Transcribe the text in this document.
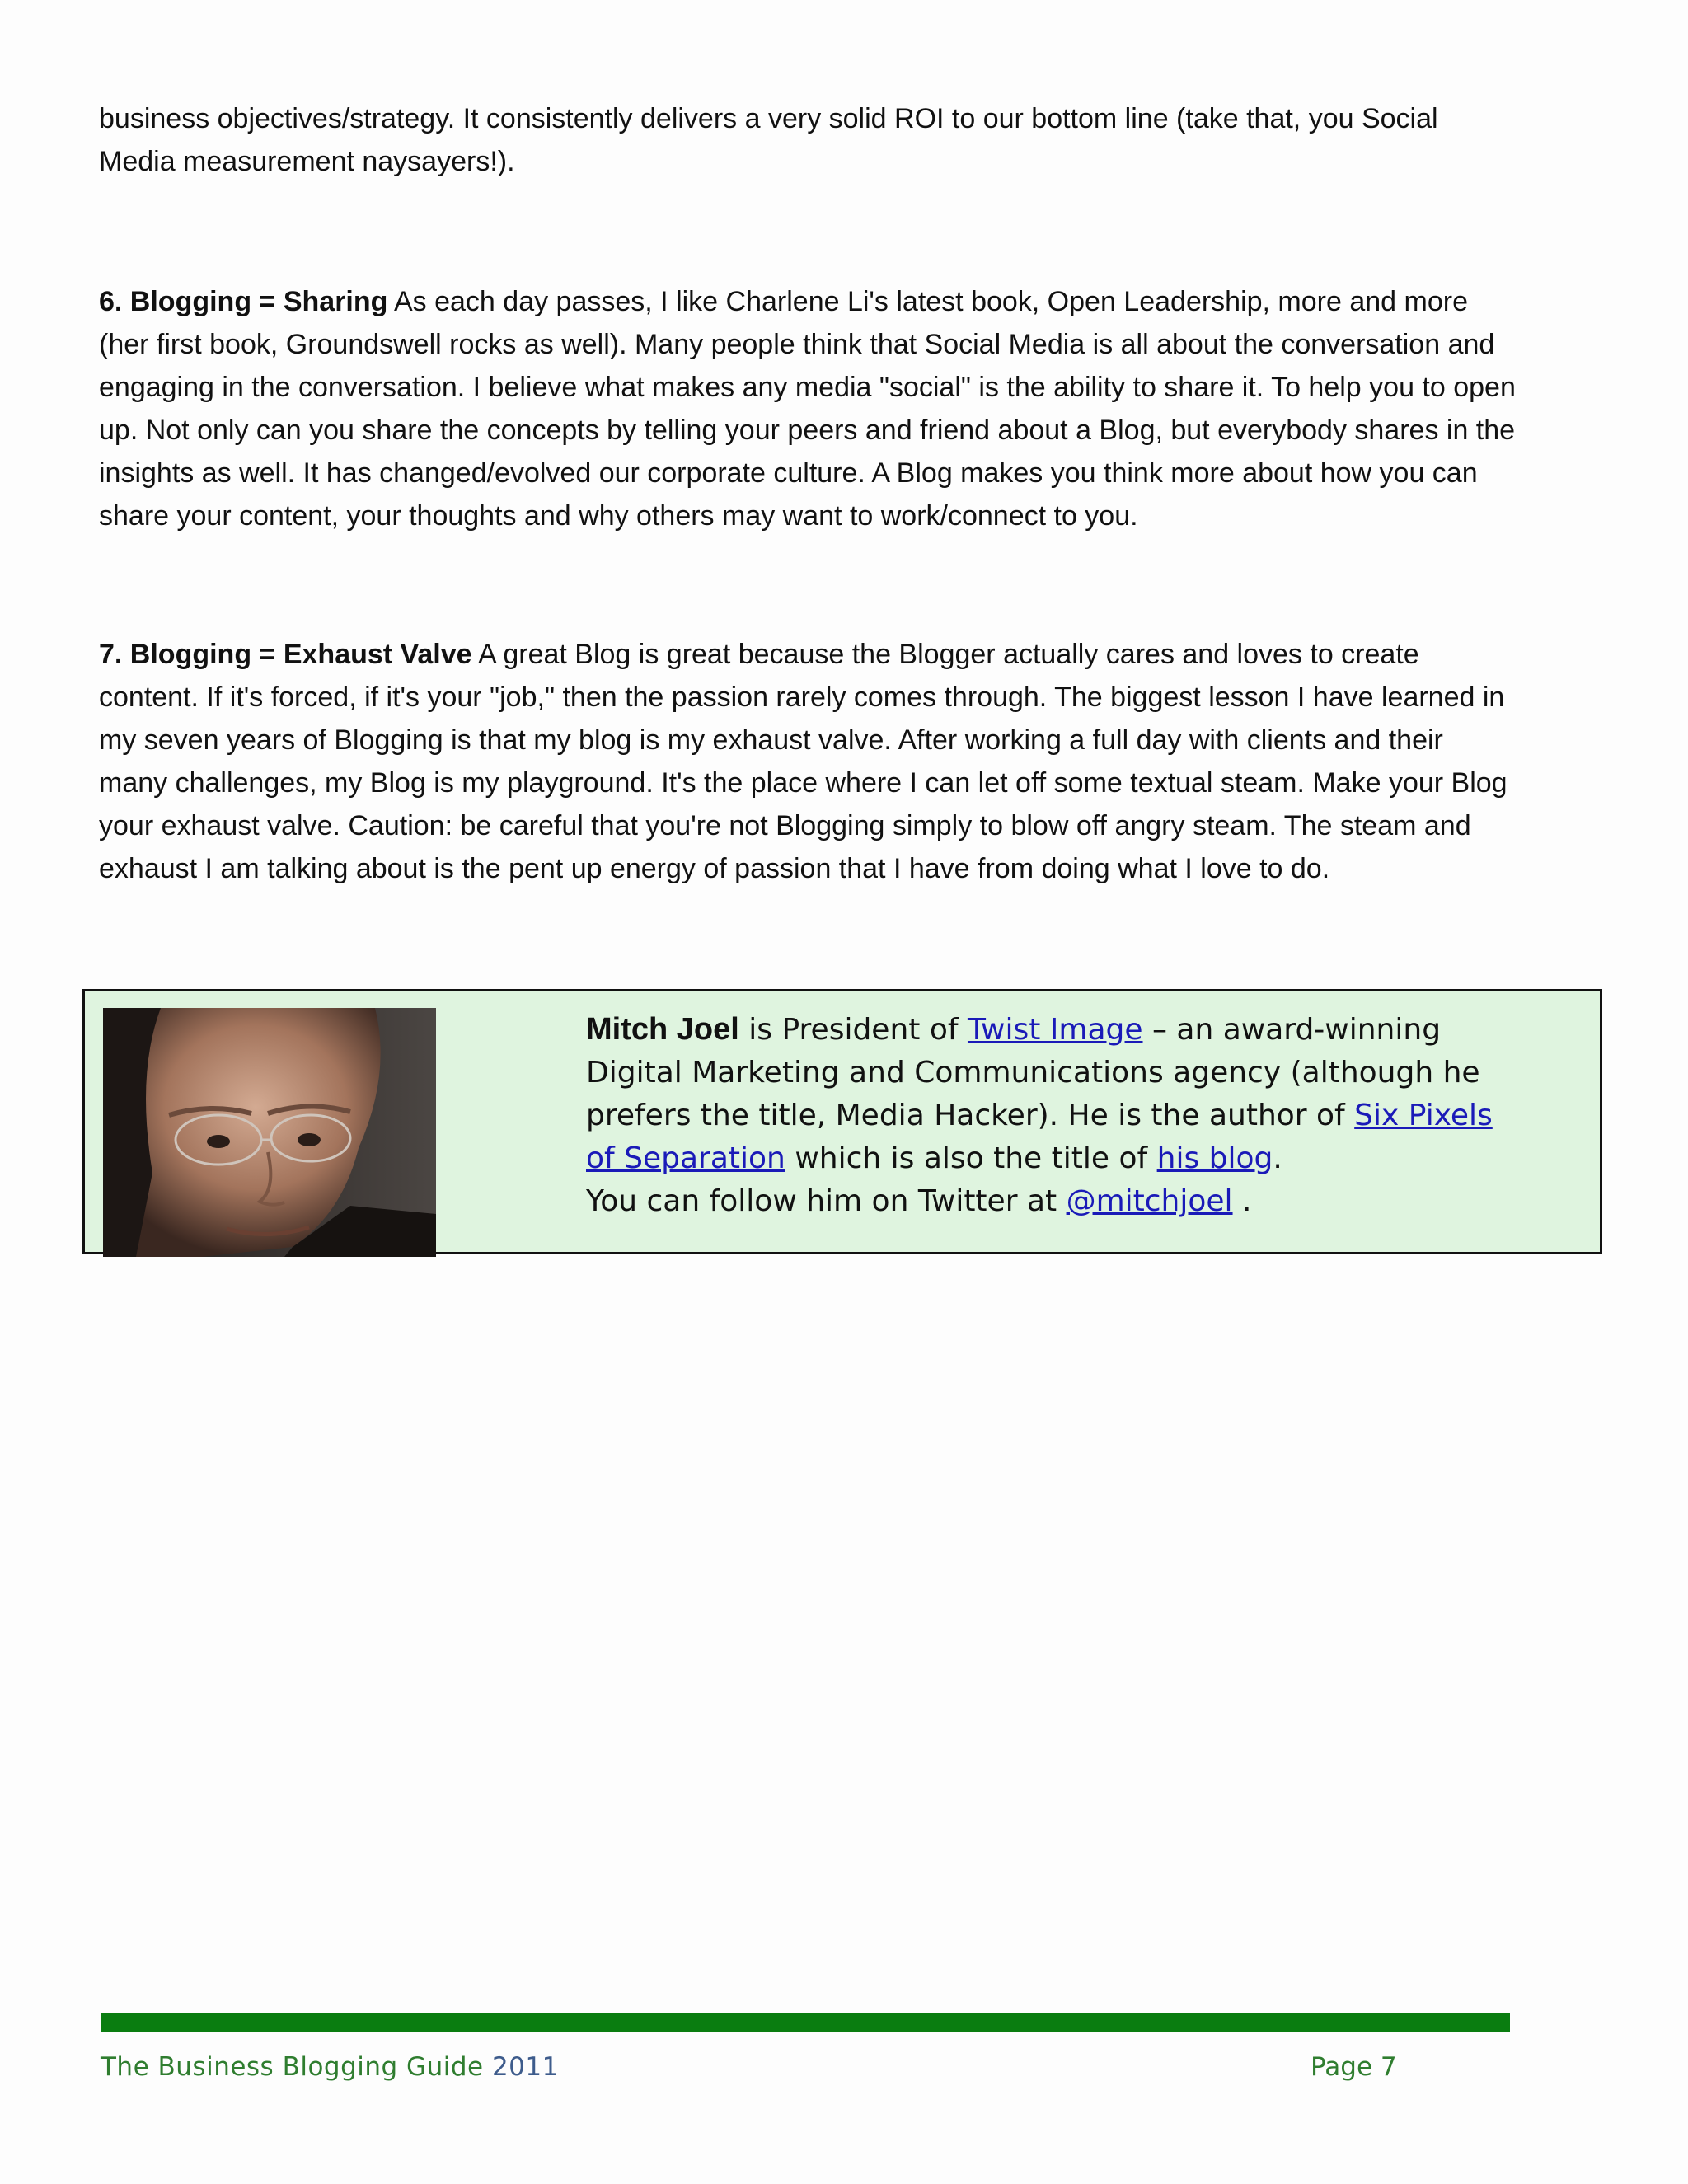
business objectives/strategy. It consistently delivers a very solid ROI to our bottom line (take that, you Social Media measurement naysayers!).

6. Blogging = Sharing As each day passes, I like Charlene Li's latest book, Open Leadership, more and more (her first book, Groundswell rocks as well). Many people think that Social Media is all about the conversation and engaging in the conversation. I believe what makes any media "social" is the ability to share it. To help you to open up. Not only can you share the concepts by telling your peers and friend about a Blog, but everybody shares in the insights as well. It has changed/evolved our corporate culture. A Blog makes you think more about how you can share your content, your thoughts and why others may want to work/connect to you.

7. Blogging = Exhaust Valve A great Blog is great because the Blogger actually cares and loves to create content. If it's forced, if it's your "job," then the passion rarely comes through. The biggest lesson I have learned in my seven years of Blogging is that my blog is my exhaust valve. After working a full day with clients and their many challenges, my Blog is my playground. It's the place where I can let off some textual steam. Make your Blog your exhaust valve. Caution: be careful that you're not Blogging simply to blow off angry steam. The steam and exhaust I am talking about is the pent up energy of passion that I have from doing what I love to do.

Mitch Joel is President of Twist Image – an award-winning Digital Marketing and Communications agency (although he prefers the title, Media Hacker). He is the author of Six Pixels of Separation which is also the title of his blog.
You can follow him on Twitter at @mitchjoel .
The Business Blogging Guide 2011	Page 7
